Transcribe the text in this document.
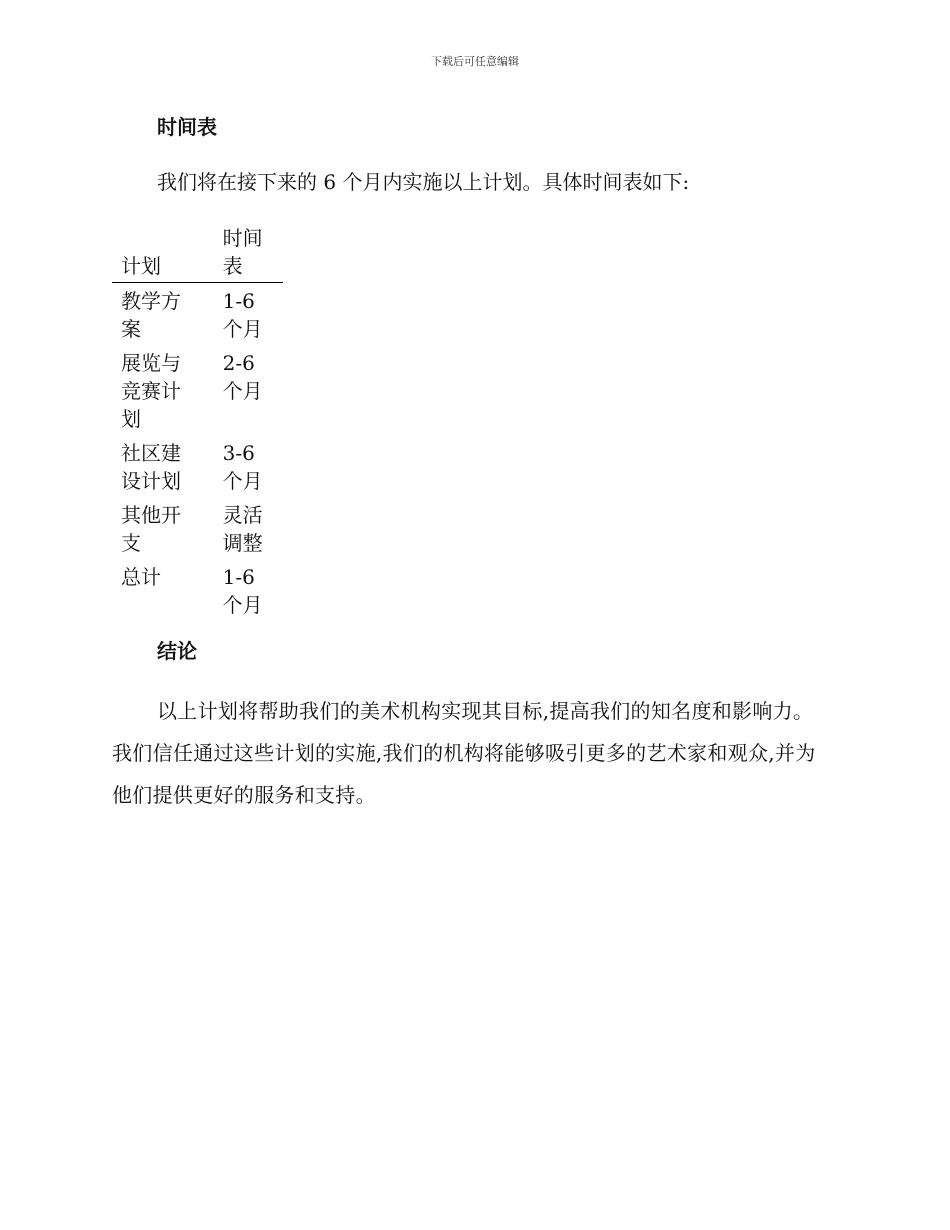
下载后可任意编辑
时间表
我们将在接下来的 6 个月内实施以上计划。具体时间表如下:
计划	时间表

教学方案	1-6 个月

展览与竞赛计划	2-6 个月

社区建设计划	3-6 个月

其他开支	灵活调整

总计	1-6 个月
结论

以上计划将帮助我们的美术机构实现其目标,提高我们的知名度和影响力。我们信任通过这些计划的实施,我们的机构将能够吸引更多的艺术家和观众,并为他们提供更好的服务和支持。
